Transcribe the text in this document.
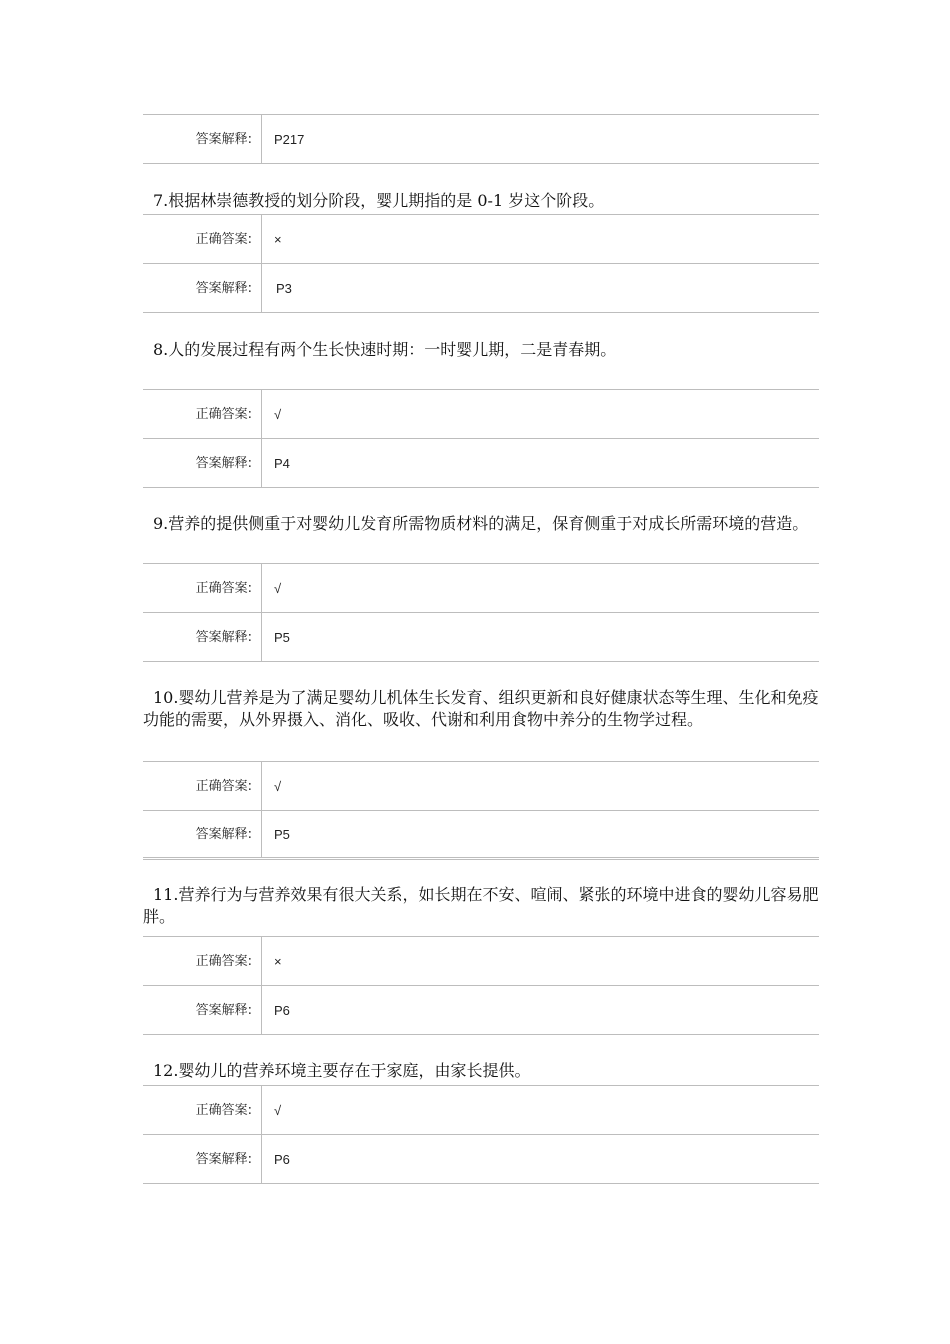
答案解释:	P217
7.根据林崇德教授的划分阶段，婴儿期指的是 0-1 岁这个阶段。
正确答案:	×
答案解释:	P3
8.人的发展过程有两个生长快速时期：一时婴儿期，二是青春期。
正确答案:	√
答案解释:	P4
9.营养的提供侧重于对婴幼儿发育所需物质材料的满足，保育侧重于对成长所需环境的营造。
正确答案:	√
答案解释:	P5
10.婴幼儿营养是为了满足婴幼儿机体生长发育、组织更新和良好健康状态等生理、生化和免疫功能的需要，从外界摄入、消化、吸收、代谢和利用食物中养分的生物学过程。
正确答案:	√
答案解释:	P5
11.营养行为与营养效果有很大关系，如长期在不安、喧闹、紧张的环境中进食的婴幼儿容易肥胖。
正确答案:	×
答案解释:	P6
12.婴幼儿的营养环境主要存在于家庭，由家长提供。
正确答案:	√
答案解释:	P6
